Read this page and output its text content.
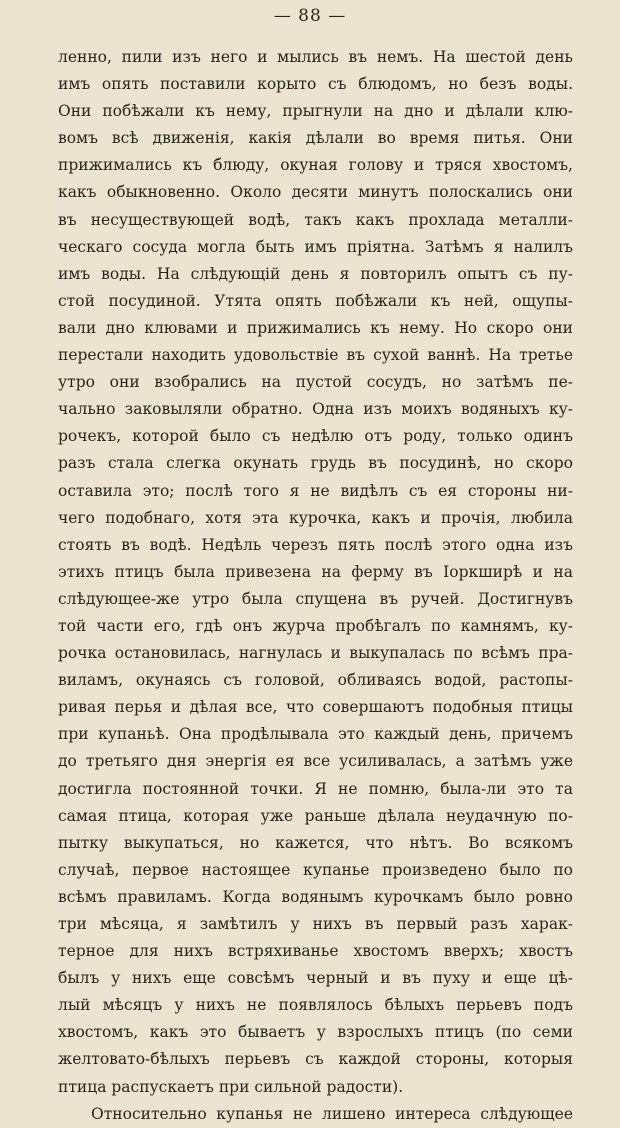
— 88 —
ленно, пили изъ него и мылись въ немъ. На шестой день
имъ опять поставили корыто съ блюдомъ, но безъ воды.
Они побѣжали къ нему, прыгнули на дно и дѣлали клю-
вомъ всѣ движенія, какія дѣлали во время питья. Они
прижимались къ блюду, окуная голову и тряся хвостомъ,
какъ обыкновенно. Около десяти минутъ полоскались они
въ несуществующей водѣ, такъ какъ прохлада металли-
ческаго сосуда могла быть имъ пріятна. Затѣмъ я налилъ
имъ воды. На слѣдующій день я повторилъ опытъ съ пу-
стой посудиной. Утята опять побѣжали къ ней, ощупы-
вали дно клювами и прижимались къ нему. Но скоро они
перестали находить удовольствіе въ сухой ваннѣ. На третье
утро они взобрались на пустой сосудъ, но затѣмъ пе-
чально заковыляли обратно. Одна изъ моихъ водяныхъ ку-
рочекъ, которой было съ недѣлю отъ роду, только одинъ
разъ стала слегка окунать грудь въ посудинѣ, но скоро
оставила это; послѣ того я не видѣлъ съ ея стороны ни-
чего подобнаго, хотя эта курочка, какъ и прочія, любила
стоять въ водѣ. Недѣль черезъ пять послѣ этого одна изъ
этихъ птицъ была привезена на ферму въ Іоркширѣ и на
слѣдующее-же утро была спущена въ ручей. Достигнувъ
той части его, гдѣ онъ журча пробѣгалъ по камнямъ, ку-
рочка остановилась, нагнулась и выкупалась по всѣмъ пра-
виламъ, окунаясь съ головой, обливаясь водой, растопы-
ривая перья и дѣлая все, что совершаютъ подобныя птицы
при купаньѣ. Она продѣлывала это каждый день, причемъ
до третьяго дня энергія ея все усиливалась, а затѣмъ уже
достигла постоянной точки. Я не помню, была-ли это та
самая птица, которая уже раньше дѣлала неудачную по-
пытку выкупаться, но кажется, что нѣтъ. Во всякомъ
случаѣ, первое настоящее купанье произведено было по
всѣмъ правиламъ. Когда водянымъ курочкамъ было ровно
три мѣсяца, я замѣтилъ у нихъ въ первый разъ харак-
терное для нихъ встряхиванье хвостомъ вверхъ; хвостъ
былъ у нихъ еще совсѣмъ черный и въ пуху и еще цѣ-
лый мѣсяцъ у нихъ не появлялось бѣлыхъ перьевъ подъ
хвостомъ, какъ это бываетъ у взрослыхъ птицъ (по семи
желтовато-бѣлыхъ перьевъ съ каждой стороны, которыя
птица распускаетъ при сильной радости).
Относительно купанья не лишено интереса слѣдующее
